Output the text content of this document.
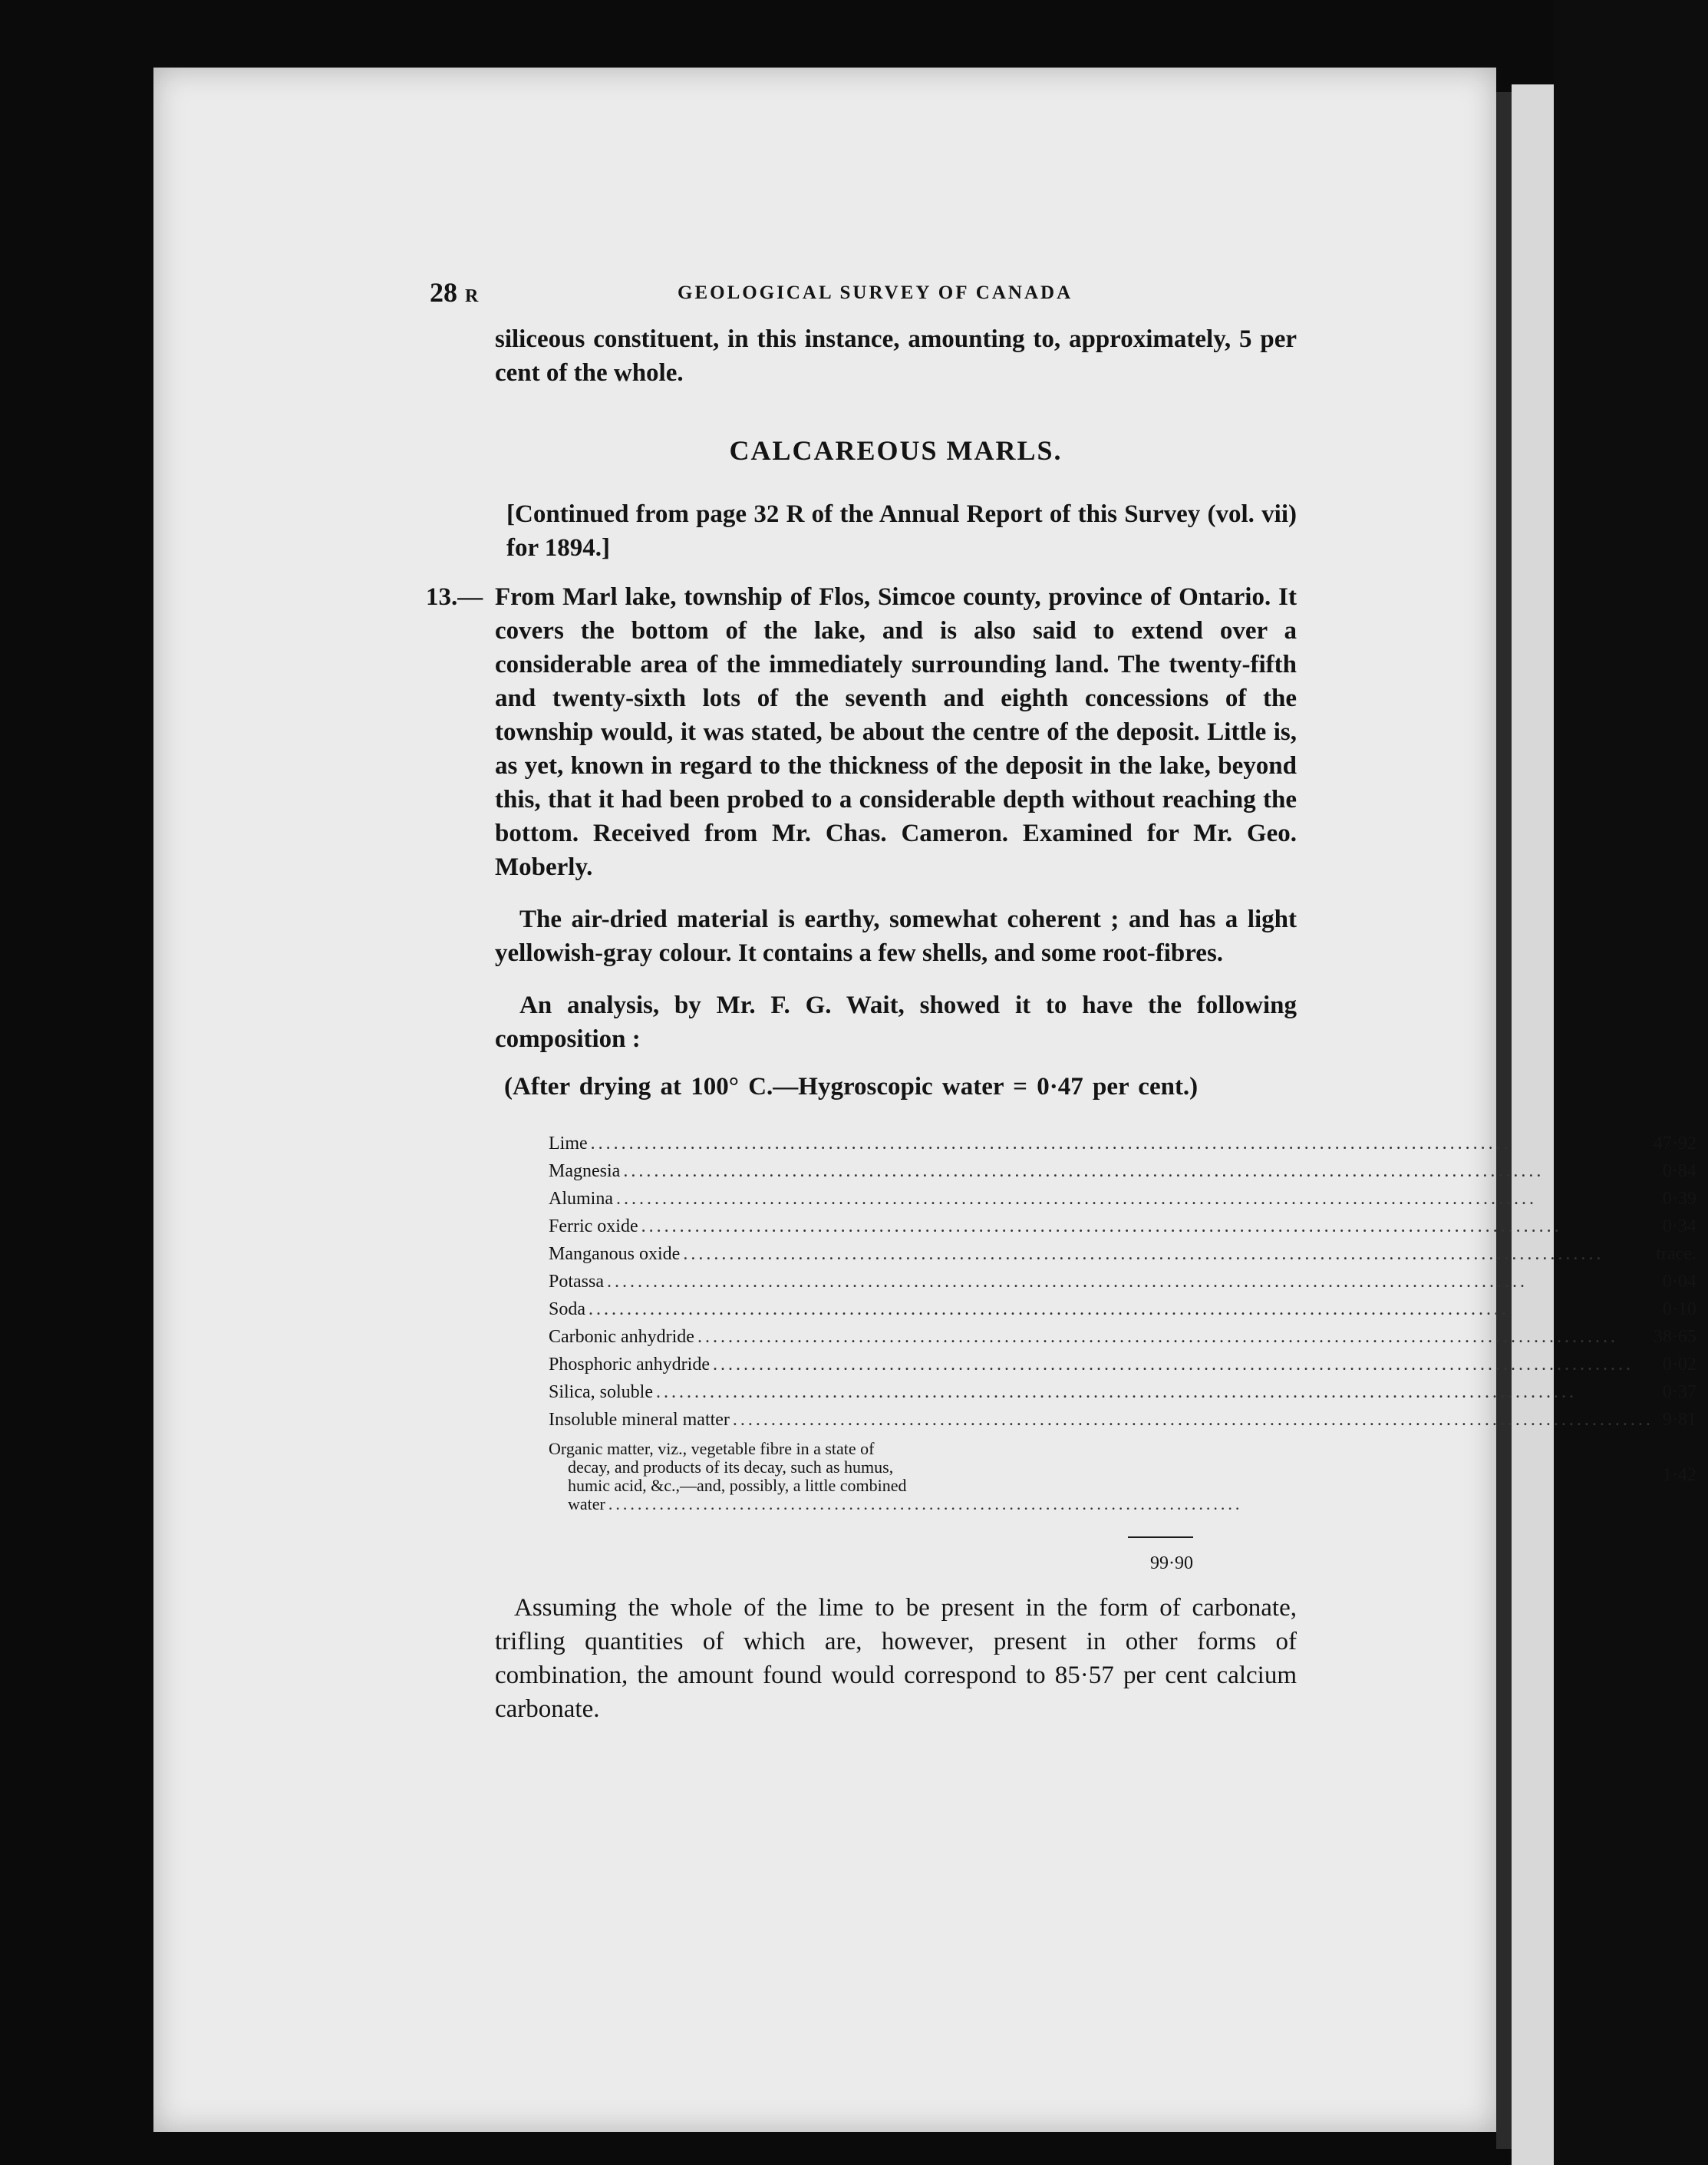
28 R	GEOLOGICAL SURVEY OF CANADA

siliceous constituent, in this instance, amounting to, approximately, 5 per cent of the whole.

CALCAREOUS MARLS.

[Continued from page 32 R of the Annual Report of this Survey (vol. vii) for 1894.]

13.— From Marl lake, township of Flos, Simcoe county, province of Ontario. It covers the bottom of the lake, and is also said to extend over a considerable area of the immediately surrounding land. The twenty-fifth and twenty-sixth lots of the seventh and eighth concessions of the township would, it was stated, be about the centre of the deposit. Little is, as yet, known in regard to the thickness of the deposit in the lake, beyond this, that it had been probed to a considerable depth without reaching the bottom. Received from Mr. Chas. Cameron. Examined for Mr. Geo. Moberly.

The air-dried material is earthy, somewhat coherent ; and has a light yellowish-gray colour. It contains a few shells, and some root-fibres.

An analysis, by Mr. F. G. Wait, showed it to have the following composition :

(After drying at 100° C.—Hygroscopic water = 0·47 per cent.)

Lime ........................................................................................................................	47·92

Magnesia ........................................................................................................................	0·84

Alumina ........................................................................................................................	0·39

Ferric oxide ........................................................................................................................	0·34

Manganous oxide ........................................................................................................................	trace.

Potassa ........................................................................................................................	0·04

Soda ........................................................................................................................	0·10

Carbonic anhydride ........................................................................................................................	38·65

Phosphoric anhydride ........................................................................................................................	0·02

Silica, soluble ........................................................................................................................	0·37

Insoluble mineral matter ........................................................................................................................	9·81

Organic matter, viz., vegetable fibre in a state of
decay, and products of its decay, such as humus,
humic acid, &c.,—and, possibly, a little combined
water .......................................................................................	1·42
99·90

Assuming the whole of the lime to be present in the form of carbonate, trifling quantities of which are, however, present in other forms of combination, the amount found would correspond to 85·57 per cent calcium carbonate.
